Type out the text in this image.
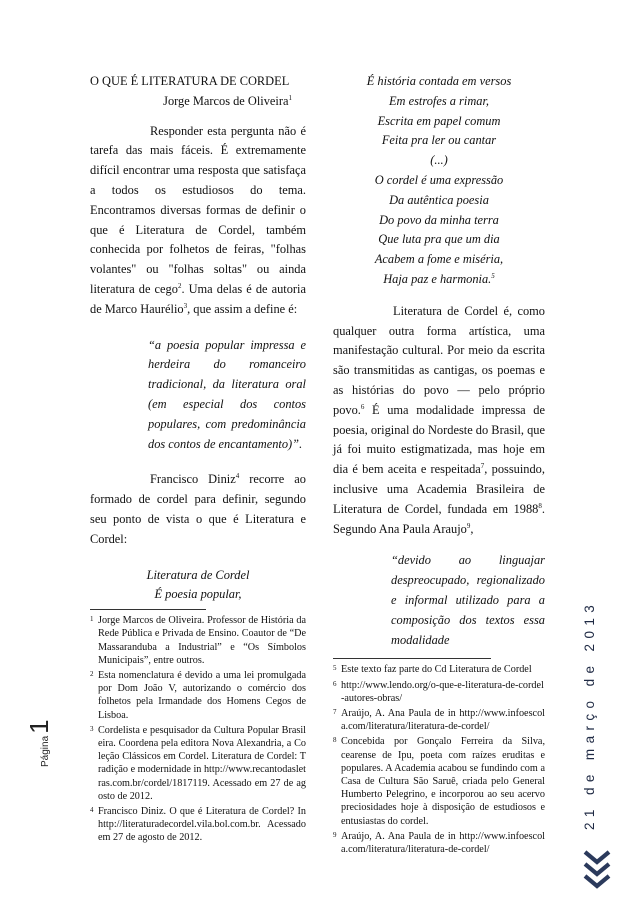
O QUE É LITERATURA DE CORDEL

Jorge Marcos de Oliveira$^1$

Responder esta pergunta não é tarefa das mais fáceis. É extremamente difícil encontrar uma resposta que satisfaça a todos os estudiosos do tema. Encontramos diversas formas de definir o que é Literatura de Cordel, também conhecida por folhetos de feiras, "folhas volantes" ou "folhas soltas" ou ainda literatura de cego$^2$. Uma delas é de autoria de Marco Haurélio$^3$, que assim a define é:

“a poesia popular impressa e herdeira do romanceiro tradicional, da literatura oral (em especial dos contos populares, com predominância dos contos de encantamento)”.

Francisco Diniz$^4$ recorre ao formado de cordel para definir, segundo seu ponto de vista o que é Literatura e Cordel:

Literatura de Cordel

É poesia popular,

1 Jorge Marcos de Oliveira. Professor de História da Rede Pública e Privada de Ensino. Coautor de “De Massaranduba a Industrial” e “Os Símbolos Municipais”, entre outros.
2 Esta nomenclatura é devido a uma lei promulgada por Dom João V, autorizando o comércio dos folhetos pela Irmandade dos Homens Cegos de Lisboa.
3 Cordelista e pesquisador da Cultura Popular Brasileira. Coordena pela editora Nova Alexandria, a Coleção Clássicos em Cordel. Literatura de Cordel: Tradição e modernidade in http://www.recantodasletras.com.br/cordel/1817119. Acessado em 27 de agosto de 2012.
4 Francisco Diniz. O que é Literatura de Cordel? In http://literaturadecordel.vila.bol.com.br. Acessado em 27 de agosto de 2012.

É história contada em versos

Em estrofes a rimar,

Escrita em papel comum

Feita pra ler ou cantar

(...)

O cordel é uma expressão

Da autêntica poesia

Do povo da minha terra

Que luta pra que um dia

Acabem a fome e miséria,

Haja paz e harmonia.$^5$

Literatura de Cordel é, como qualquer outra forma artística, uma manifestação cultural. Por meio da escrita são transmitidas as cantigas, os poemas e as histórias do povo — pelo próprio povo.$^6$ É uma modalidade impressa de poesia, original do Nordeste do Brasil, que já foi muito estigmatizada, mas hoje em dia é bem aceita e respeitada$^7$, possuindo, inclusive uma Academia Brasileira de Literatura de Cordel, fundada em 1988$^8$. Segundo Ana Paula Araujo$^9$,

“devido ao linguajar despreocupado, regionalizado e informal utilizado para a composição dos textos essa modalidade

5 Este texto faz parte do Cd Literatura de Cordel
6 http://www.lendo.org/o-que-e-literatura-de-cordel-autores-obras/
7 Araújo, A. Ana Paula de in http://www.infoescola.com/literatura/literatura-de-cordel/
8 Concebida por Gonçalo Ferreira da Silva, cearense de Ipu, poeta com raízes eruditas e populares. A Academia acabou se fundindo com a Casa de Cultura São Saruê, criada pelo General Humberto Pelegrino, e incorporou ao seu acervo preciosidades hoje à disposição de estudiosos e entusiastas do cordel.
9 Araújo, A. Ana Paula de in http://www.infoescola.com/literatura/literatura-de-cordel/
Página
1	21 de março de 2013
